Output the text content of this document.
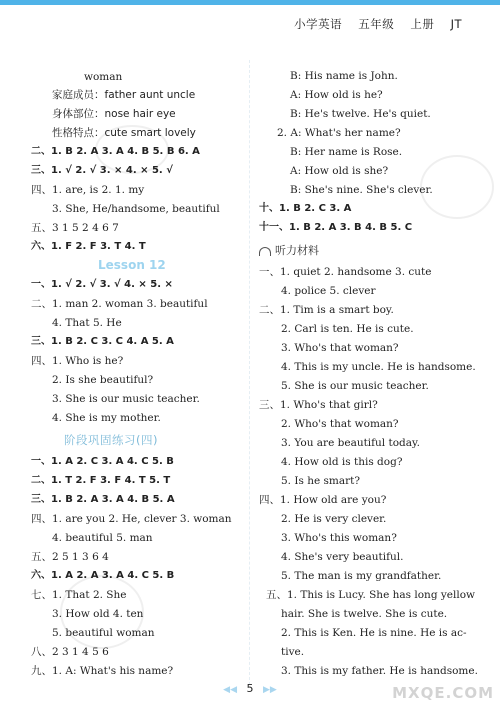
小学英语 五年级 上册 JT
woman
家庭成员：father aunt uncle
身体部位：nose hair eye
性格特点：cute smart lovely
二、1. B 2. A 3. A 4. B 5. B 6. A
三、1. √ 2. √ 3. × 4. × 5. √
四、1. are, is 2. 1. my
3. She, He/handsome, beautiful
五、3 1 5 2 4 6 7
六、1. F 2. F 3. T 4. T
Lesson 12
一、1. √ 2. √ 3. √ 4. × 5. ×
二、1. man 2. woman 3. beautiful
4. That 5. He
三、1. B 2. C 3. C 4. A 5. A
四、1. Who is he?
2. Is she beautiful?
3. She is our music teacher.
4. She is my mother.
阶段巩固练习(四)
一、1. A 2. C 3. A 4. C 5. B
二、1. T 2. F 3. F 4. T 5. T
三、1. B 2. A 3. A 4. B 5. A
四、1. are you 2. He, clever 3. woman
4. beautiful 5. man
五、2 5 1 3 6 4
六、1. A 2. A 3. A 4. C 5. B
七、1. That 2. She
3. How old 4. ten
5. beautiful woman
八、2 3 1 4 5 6
九、1. A: What's his name?
B: His name is John.
A: How old is he?
B: He's twelve. He's quiet.
2. A: What's her name?
B: Her name is Rose.
A: How old is she?
B: She's nine. She's clever.
十、1. B 2. C 3. A
十一、1. B 2. A 3. B 4. B 5. C
听力材料
一、1. quiet 2. handsome 3. cute
4. police 5. clever
二、1. Tim is a smart boy.
2. Carl is ten. He is cute.
3. Who's that woman?
4. This is my uncle. He is handsome.
5. She is our music teacher.
三、1. Who's that girl?
2. Who's that woman?
3. You are beautiful today.
4. How old is this dog?
5. Is he smart?
四、1. How old are you?
2. He is very clever.
3. Who's this woman?
4. She's very beautiful.
5. The man is my grandfather.
五、1. This is Lucy. She has long yellow
hair. She is twelve. She is cute.
2. This is Ken. He is nine. He is ac-
tive.
3. This is my father. He is handsome.
◀◀ 5 ▶▶	MXQE.COM
